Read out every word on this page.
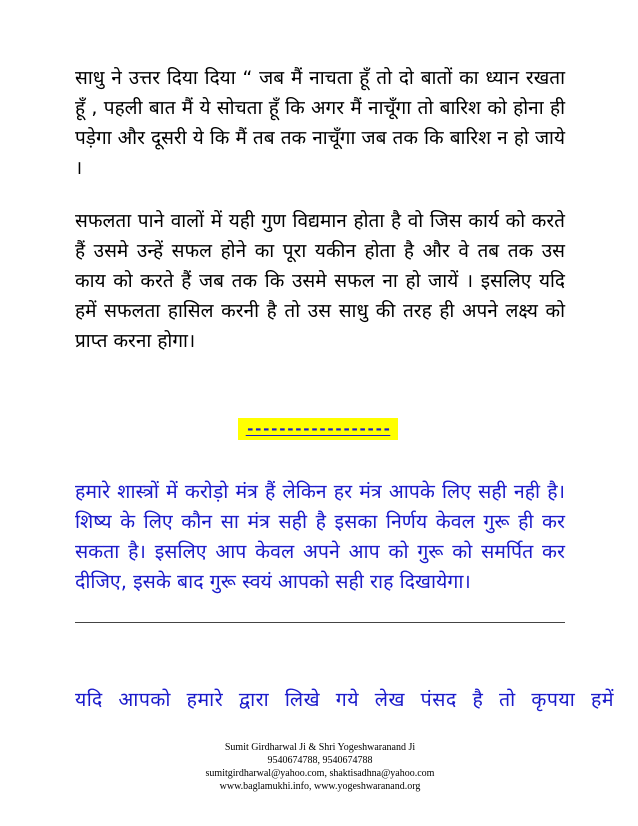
साधु ने उत्तर दिया दिया “ जब मैं नाचता हूँ तो दो बातों का ध्यान रखता हूँ , पहली बात मैं ये सोचता हूँ कि अगर मैं नाचूँगा तो बारिश को होना ही पड़ेगा और दूसरी ये कि मैं तब तक नाचूँगा जब तक कि बारिश न हो जाये ।

सफलता पाने वालों में यही गुण विद्यमान होता है वो जिस कार्य को करते हैं उसमे उन्हें सफल होने का पूरा यकीन होता है और वे तब तक उस काय को करते हैं जब तक कि उसमे सफल ना हो जायें । इसलिए यदि हमें सफलता हासिल करनी है तो उस साधु की तरह ही अपने लक्ष्य को प्राप्त करना होगा।

------------------

हमारे शास्त्रों में करोड़ो मंत्र हैं लेकिन हर मंत्र आपके लिए सही नही है। शिष्य के लिए कौन सा मंत्र सही है इसका निर्णय केवल गुरू ही कर सकता है। इसलिए आप केवल अपने आप को गुरू को समर्पित कर दीजिए, इसके बाद गुरू स्वयं आपको सही राह दिखायेगा।

यदि आपको हमारे द्वारा लिखे गये लेख पंसद है तो कृपया हमें

Sumit Girdharwal Ji & Shri Yogeshwaranand Ji
9540674788, 9540674788
sumitgirdharwal@yahoo.com, shaktisadhna@yahoo.com
www.baglamukhi.info, www.yogeshwaranand.org
